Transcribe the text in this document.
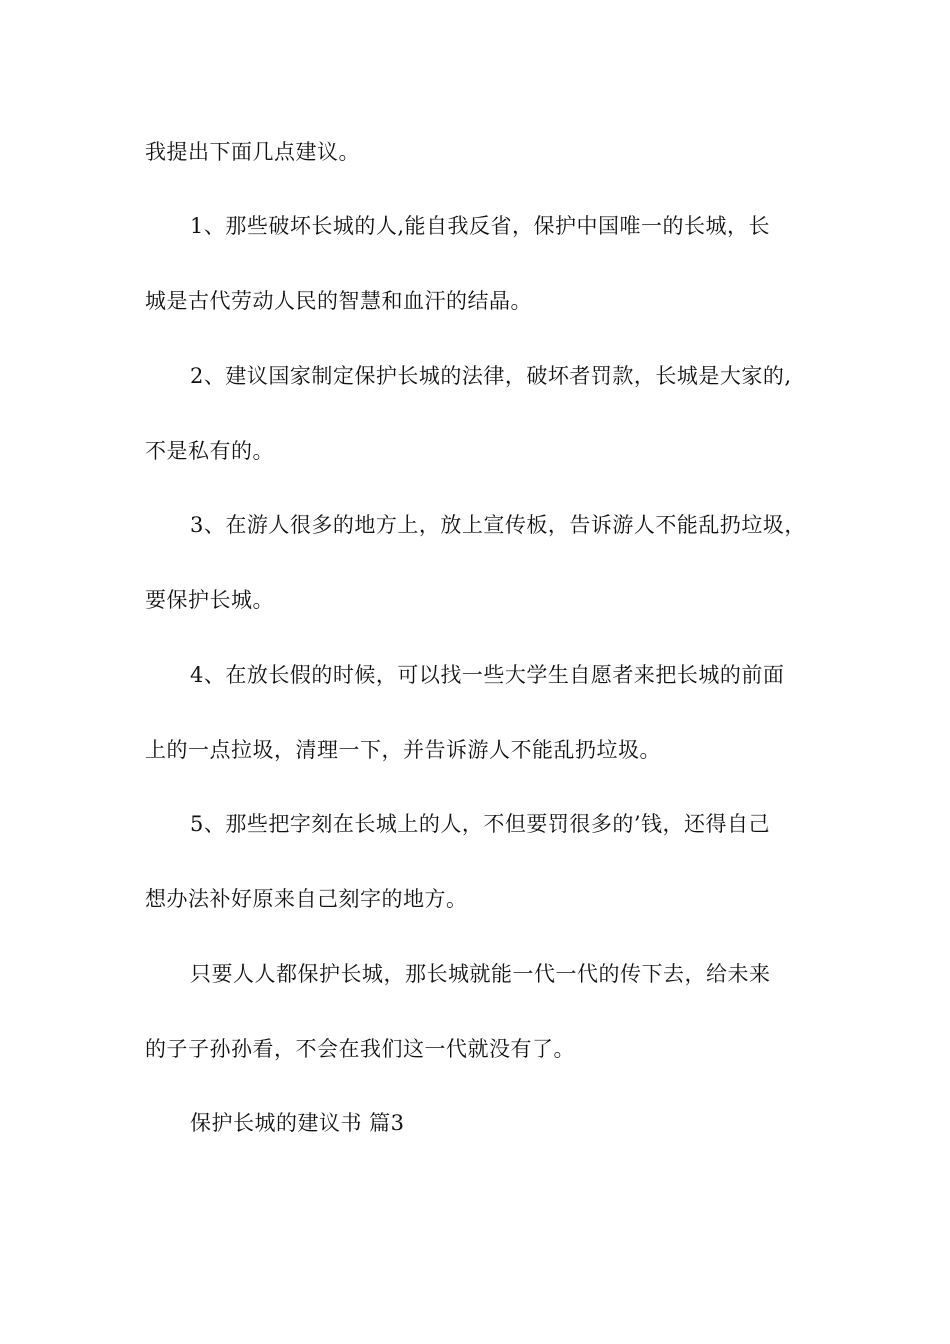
我提出下面几点建议。
1、那些破坏长城的人,能自我反省，保护中国唯一的长城，长
城是古代劳动人民的智慧和血汗的结晶。
2、建议国家制定保护长城的法律，破坏者罚款，长城是大家的,
不是私有的。
3、在游人很多的地方上，放上宣传板，告诉游人不能乱扔垃圾，
要保护长城。
4、在放长假的时候，可以找一些大学生自愿者来把长城的前面
上的一点拉圾，清理一下，并告诉游人不能乱扔垃圾。
5、那些把字刻在长城上的人，不但要罚很多的’钱，还得自己
想办法补好原来自己刻字的地方。
只要人人都保护长城，那长城就能一代一代的传下去，给未来
的子子孙孙看，不会在我们这一代就没有了。
保护长城的建议书 篇3
